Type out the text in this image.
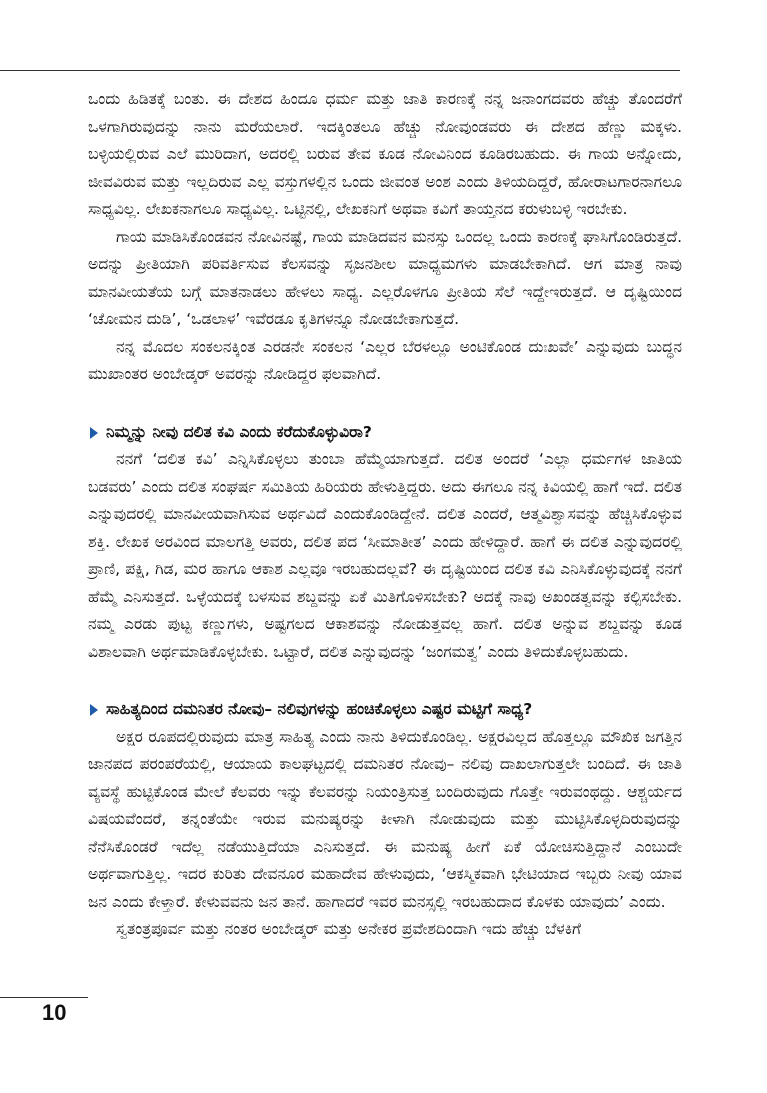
ಒಂದು ಹಿಡಿತಕ್ಕೆ ಬಂತು. ಈ ದೇಶದ ಹಿಂದೂ ಧರ್ಮ ಮತ್ತು ಜಾತಿ ಕಾರಣಕ್ಕೆ ನನ್ನ ಜನಾಂಗದವರು ಹೆಚ್ಚು ತೊಂದರೆಗೆ ಒಳಗಾಗಿರುವುದನ್ನು ನಾನು ಮರೆಯಲಾರೆ. ಇದಕ್ಕಿಂತಲೂ ಹೆಚ್ಚು ನೋವುಂಡವರು ಈ ದೇಶದ ಹೆಣ್ಣು ಮಕ್ಕಳು. ಬಳ್ಳಿಯಲ್ಲಿರುವ ಎಲೆ ಮುರಿದಾಗ, ಅದರಲ್ಲಿ ಬರುವ ತೇವ ಕೂಡ ನೋವಿನಿಂದ ಕೂಡಿರಬಹುದು. ಈ ಗಾಯ ಅನ್ನೋದು, ಜೀವವಿರುವ ಮತ್ತು ಇಲ್ಲದಿರುವ ಎಲ್ಲ ವಸ್ತುಗಳಲ್ಲಿನ ಒಂದು ಜೀವಂತ ಅಂಶ ಎಂದು ತಿಳಿಯದಿದ್ದರೆ, ಹೋರಾಟಗಾರನಾಗಲೂ ಸಾಧ್ಯವಿಲ್ಲ. ಲೇಖಕನಾಗಲೂ ಸಾಧ್ಯವಿಲ್ಲ. ಒಟ್ಟಿನಲ್ಲಿ, ಲೇಖಕನಿಗೆ ಅಥವಾ ಕವಿಗೆ ತಾಯ್ತನದ ಕರುಳುಬಳ್ಳಿ ಇರಬೇಕು.

ಗಾಯ ಮಾಡಿಸಿಕೊಂಡವನ ನೋವಿನಷ್ಟೆ, ಗಾಯ ಮಾಡಿದವನ ಮನಸ್ಸು ಒಂದಲ್ಲ ಒಂದು ಕಾರಣಕ್ಕೆ ಘಾಸಿಗೊಂಡಿರುತ್ತದೆ. ಅದನ್ನು ಪ್ರೀತಿಯಾಗಿ ಪರಿವರ್ತಿಸುವ ಕೆಲಸವನ್ನು ಸೃಜನಶೀಲ ಮಾಧ್ಯಮಗಳು ಮಾಡಬೇಕಾಗಿದೆ. ಆಗ ಮಾತ್ರ ನಾವು ಮಾನವೀಯತೆಯ ಬಗ್ಗೆ ಮಾತನಾಡಲು ಹೇಳಲು ಸಾಧ್ಯ. ಎಲ್ಲರೊಳಗೂ ಪ್ರೀತಿಯ ಸೆಲೆ ಇದ್ದೇಇರುತ್ತದೆ. ಆ ದೃಷ್ಟಿಯಿಂದ ‘ಚೋಮನ ದುಡಿ’, ‘ಒಡಲಾಳ’ ಇವೆರಡೂ ಕೃತಿಗಳನ್ನೂ ನೋಡಬೇಕಾಗುತ್ತದೆ.

ನನ್ನ ಮೊದಲ ಸಂಕಲನಕ್ಕಿಂತ ಎರಡನೇ ಸಂಕಲನ ‘ಎಲ್ಲರ ಬೆರಳಲ್ಲೂ ಅಂಟಿಕೊಂಡ ದುಃಖವೇ’ ಎನ್ನುವುದು ಬುದ್ಧನ ಮುಖಾಂತರ ಅಂಬೇಡ್ಕರ್ ಅವರನ್ನು ನೋಡಿದ್ದರ ಫಲವಾಗಿದೆ.

ನಿಮ್ಮನ್ನು ನೀವು ದಲಿತ ಕವಿ ಎಂದು ಕರೆದುಕೊಳ್ಳುವಿರಾ?

ನನಗೆ ‘ದಲಿತ ಕವಿ’ ಎನ್ನಿಸಿಕೊಳ್ಳಲು ತುಂಬಾ ಹೆಮ್ಮೆಯಾಗುತ್ತದೆ. ದಲಿತ ಅಂದರೆ ‘ಎಲ್ಲಾ ಧರ್ಮಗಳ ಜಾತಿಯ ಬಡವರು’ ಎಂದು ದಲಿತ ಸಂಘರ್ಷ ಸಮಿತಿಯ ಹಿರಿಯರು ಹೇಳುತ್ತಿದ್ದರು. ಅದು ಈಗಲೂ ನನ್ನ ಕಿವಿಯಲ್ಲಿ ಹಾಗೆ ಇದೆ. ದಲಿತ ಎನ್ನುವುದರಲ್ಲಿ ಮಾನವೀಯವಾಗಿಸುವ ಅರ್ಥವಿದೆ ಎಂದುಕೊಂಡಿದ್ದೇನೆ. ದಲಿತ ಎಂದರೆ, ಆತ್ಮವಿಶ್ವಾಸವನ್ನು ಹೆಚ್ಚಿಸಿಕೊಳ್ಳುವ ಶಕ್ತಿ. ಲೇಖಕ ಅರವಿಂದ ಮಾಲಗತ್ತಿ ಅವರು, ದಲಿತ ಪದ ‘ಸೀಮಾತೀತ’ ಎಂದು ಹೇಳಿದ್ದಾರೆ. ಹಾಗೆ ಈ ದಲಿತ ಎನ್ನುವುದರಲ್ಲಿ ಪ್ರಾಣಿ, ಪಕ್ಷಿ, ಗಿಡ, ಮರ ಹಾಗೂ ಆಕಾಶ ಎಲ್ಲವೂ ಇರಬಹುದಲ್ಲವೆ? ಈ ದೃಷ್ಟಿಯಿಂದ ದಲಿತ ಕವಿ ಎನಿಸಿಕೊಳ್ಳುವುದಕ್ಕೆ ನನಗೆ ಹೆಮ್ಮೆ ಎನಿಸುತ್ತದೆ. ಒಳ್ಳೆಯದಕ್ಕೆ ಬಳಸುವ ಶಬ್ದವನ್ನು ಏಕೆ ಮಿತಿಗೊಳಿಸಬೇಕು? ಅದಕ್ಕೆ ನಾವು ಅಖಂಡತ್ವವನ್ನು ಕಲ್ಪಿಸಬೇಕು. ನಮ್ಮ ಎರಡು ಪುಟ್ಟ ಕಣ್ಣುಗಳು, ಅಷ್ಟಗಲದ ಆಕಾಶವನ್ನು ನೋಡುತ್ತವಲ್ಲ ಹಾಗೆ. ದಲಿತ ಅನ್ನುವ ಶಬ್ದವನ್ನು ಕೂಡ ವಿಶಾಲವಾಗಿ ಅರ್ಥಮಾಡಿಕೊಳ್ಳಬೇಕು. ಒಟ್ಟಾರೆ, ದಲಿತ ಎನ್ನುವುದನ್ನು ‘ಜಂಗಮತ್ವ’ ಎಂದು ತಿಳಿದುಕೊಳ್ಳಬಹುದು.

ಸಾಹಿತ್ಯದಿಂದ ದಮನಿತರ ನೋವು– ನಲಿವುಗಳನ್ನು ಹಂಚಿಕೊಳ್ಳಲು ಎಷ್ಟರ ಮಟ್ಟಿಗೆ ಸಾಧ್ಯ?

ಅಕ್ಷರ ರೂಪದಲ್ಲಿರುವುದು ಮಾತ್ರ ಸಾಹಿತ್ಯ ಎಂದು ನಾನು ತಿಳಿದುಕೊಂಡಿಲ್ಲ. ಅಕ್ಷರವಿಲ್ಲದ ಹೊತ್ತಲ್ಲೂ ಮೌಖಿಕ ಜಗತ್ತಿನ ಜಾನಪದ ಪರಂಪರೆಯಲ್ಲಿ, ಆಯಾಯ ಕಾಲಘಟ್ಟದಲ್ಲಿ ದಮನಿತರ ನೋವು– ನಲಿವು ದಾಖಲಾಗುತ್ತಲೇ ಬಂದಿದೆ. ಈ ಜಾತಿ ವ್ಯವಸ್ಥೆ ಹುಟ್ಟಿಕೊಂಡ ಮೇಲೆ ಕೆಲವರು ಇನ್ನು ಕೆಲವರನ್ನು ನಿಯಂತ್ರಿಸುತ್ತ ಬಂದಿರುವುದು ಗೊತ್ತೇ ಇರುವಂಥದ್ದು. ಆಶ್ಚರ್ಯದ ವಿಷಯವೆಂದರೆ, ತನ್ನಂತೆಯೇ ಇರುವ ಮನುಷ್ಯರನ್ನು ಕೀಳಾಗಿ ನೋಡುವುದು ಮತ್ತು ಮುಟ್ಟಿಸಿಕೊಳ್ಳದಿರುವುದನ್ನು ನೆನೆಸಿಕೊಂಡರೆ ಇದೆಲ್ಲ ನಡೆಯುತ್ತಿದೆಯಾ ಎನಿಸುತ್ತದೆ. ಈ ಮನುಷ್ಯ ಹೀಗೆ ಏಕೆ ಯೋಚಿಸುತ್ತಿದ್ದಾನೆ ಎಂಬುದೇ ಅರ್ಥವಾಗುತ್ತಿಲ್ಲ. ಇದರ ಕುರಿತು ದೇವನೂರ ಮಹಾದೇವ ಹೇಳುವುದು, ‘ಆಕಸ್ಮಿಕವಾಗಿ ಭೇಟಿಯಾದ ಇಬ್ಬರು ನೀವು ಯಾವ ಜನ ಎಂದು ಕೇಳ್ತಾರೆ. ಕೇಳುವವನು ಜನ ತಾನೆ. ಹಾಗಾದರೆ ಇವರ ಮನಸ್ಸಲ್ಲಿ ಇರಬಹುದಾದ ಕೊಳಕು ಯಾವುದು’ ಎಂದು.

ಸ್ವತಂತ್ರಪೂರ್ವ ಮತ್ತು ನಂತರ ಅಂಬೇಡ್ಕರ್ ಮತ್ತು ಅನೇಕರ ಪ್ರವೇಶದಿಂದಾಗಿ ಇದು ಹೆಚ್ಚು ಬೆಳಕಿಗೆ

10
